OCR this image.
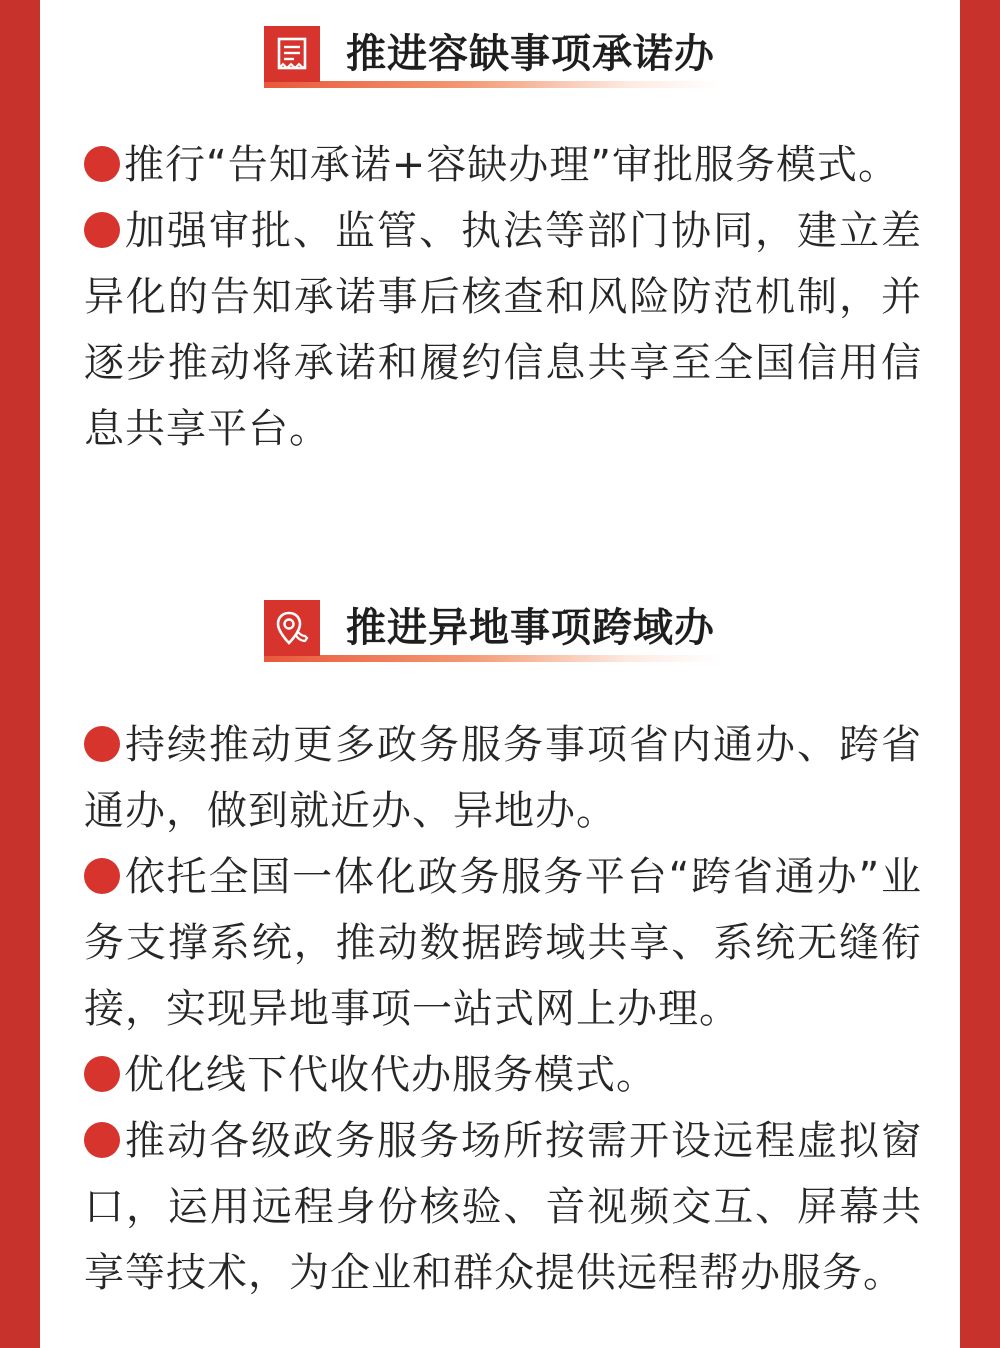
推进容缺事项承诺办

推行“告知承诺+容缺办理”审批服务模式。

加强审批、监管、执法等部门协同，建立差异化的告知承诺事后核查和风险防范机制，并逐步推动将承诺和履约信息共享至全国信用信息共享平台。

推进异地事项跨域办

持续推动更多政务服务事项省内通办、跨省通办，做到就近办、异地办。

依托全国一体化政务服务平台“跨省通办”业务支撑系统，推动数据跨域共享、系统无缝衔接，实现异地事项一站式网上办理。

优化线下代收代办服务模式。

推动各级政务服务场所按需开设远程虚拟窗口，运用远程身份核验、音视频交互、屏幕共享等技术，为企业和群众提供远程帮办服务。
